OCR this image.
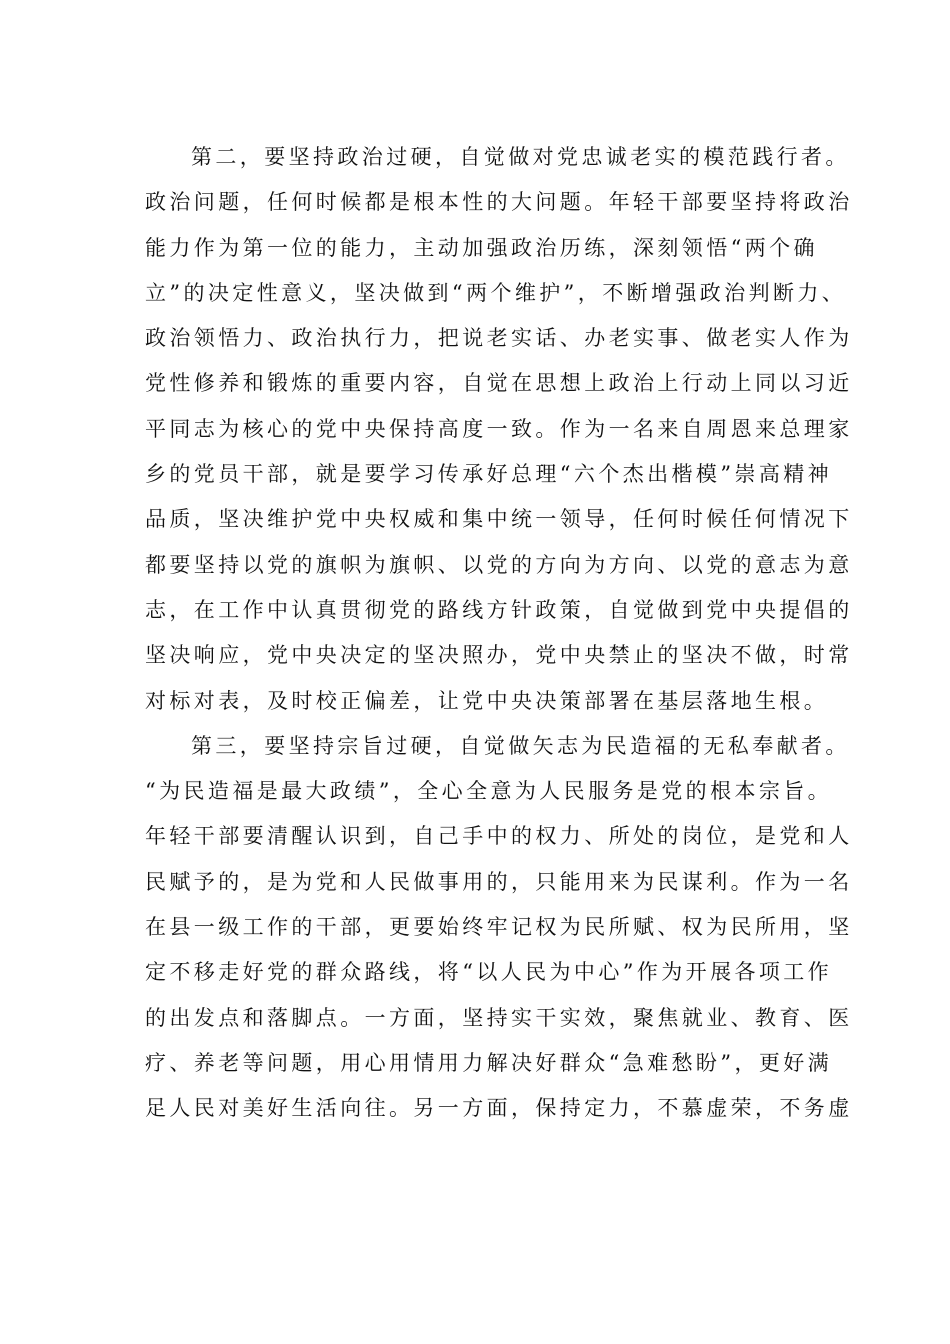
第二，要坚持政治过硬，自觉做对党忠诚老实的模范践行者。
政治问题，任何时候都是根本性的大问题。年轻干部要坚持将政治
能力作为第一位的能力，主动加强政治历练，深刻领悟“两个确
立”的决定性意义，坚决做到“两个维护”，不断增强政治判断力、
政治领悟力、政治执行力，把说老实话、办老实事、做老实人作为
党性修养和锻炼的重要内容，自觉在思想上政治上行动上同以习近
平同志为核心的党中央保持高度一致。作为一名来自周恩来总理家
乡的党员干部，就是要学习传承好总理“六个杰出楷模”崇高精神
品质，坚决维护党中央权威和集中统一领导，任何时候任何情况下
都要坚持以党的旗帜为旗帜、以党的方向为方向、以党的意志为意
志，在工作中认真贯彻党的路线方针政策，自觉做到党中央提倡的
坚决响应，党中央决定的坚决照办，党中央禁止的坚决不做，时常
对标对表，及时校正偏差，让党中央决策部署在基层落地生根。
第三，要坚持宗旨过硬，自觉做矢志为民造福的无私奉献者。
“为民造福是最大政绩”，全心全意为人民服务是党的根本宗旨。
年轻干部要清醒认识到，自己手中的权力、所处的岗位，是党和人
民赋予的，是为党和人民做事用的，只能用来为民谋利。作为一名
在县一级工作的干部，更要始终牢记权为民所赋、权为民所用，坚
定不移走好党的群众路线，将“以人民为中心”作为开展各项工作
的出发点和落脚点。一方面，坚持实干实效，聚焦就业、教育、医
疗、养老等问题，用心用情用力解决好群众“急难愁盼”，更好满
足人民对美好生活向往。另一方面，保持定力，不慕虚荣，不务虚
